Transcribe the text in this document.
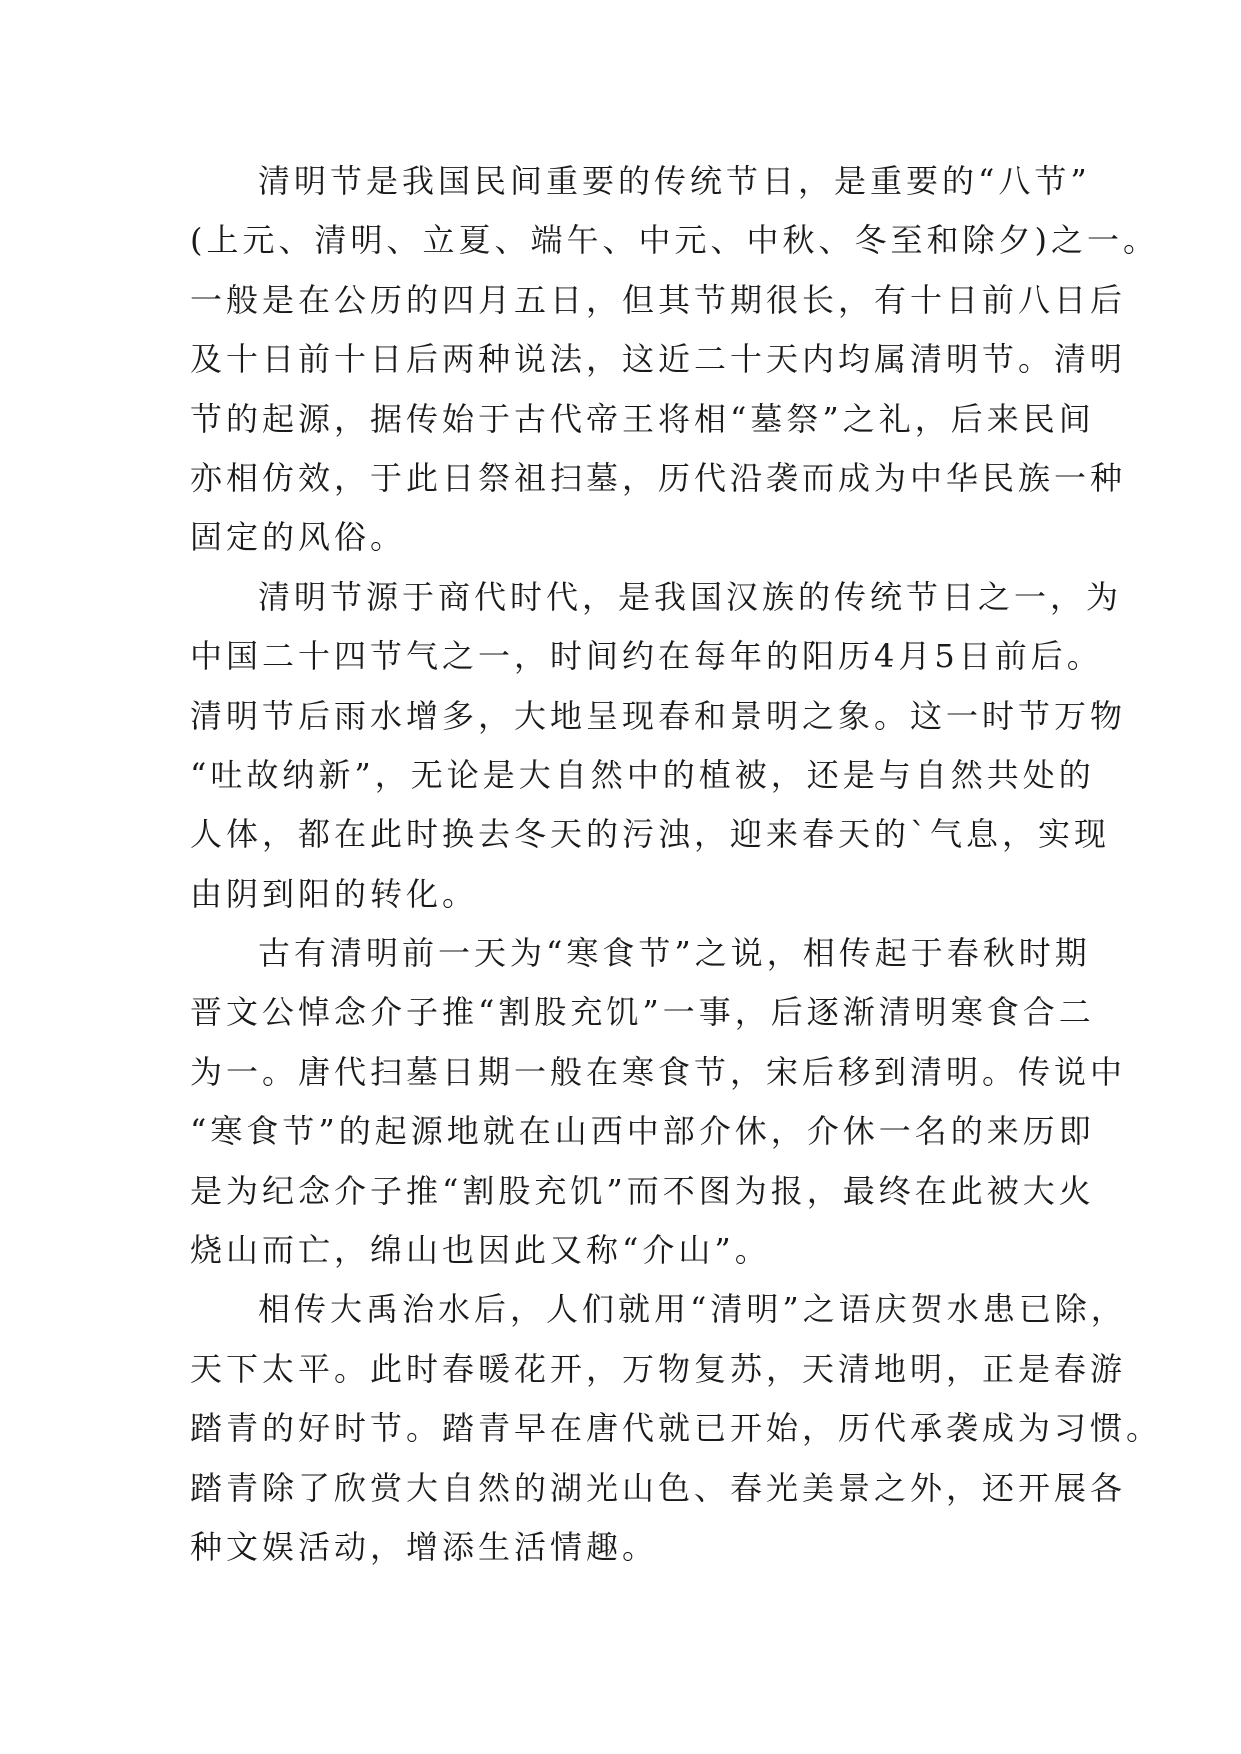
清明节是我国民间重要的传统节日，是重要的“八节”
(上元、清明、立夏、端午、中元、中秋、冬至和除夕)之一。
一般是在公历的四月五日，但其节期很长，有十日前八日后
及十日前十日后两种说法，这近二十天内均属清明节。清明
节的起源，据传始于古代帝王将相“墓祭”之礼，后来民间
亦相仿效，于此日祭祖扫墓，历代沿袭而成为中华民族一种
固定的风俗。
清明节源于商代时代，是我国汉族的传统节日之一，为
中国二十四节气之一，时间约在每年的阳历4月5日前后。
清明节后雨水增多，大地呈现春和景明之象。这一时节万物
“吐故纳新”，无论是大自然中的植被，还是与自然共处的
人体，都在此时换去冬天的污浊，迎来春天的`气息，实现
由阴到阳的转化。
古有清明前一天为“寒食节”之说，相传起于春秋时期
晋文公悼念介子推“割股充饥”一事，后逐渐清明寒食合二
为一。唐代扫墓日期一般在寒食节，宋后移到清明。传说中
“寒食节”的起源地就在山西中部介休，介休一名的来历即
是为纪念介子推“割股充饥”而不图为报，最终在此被大火
烧山而亡，绵山也因此又称“介山”。
相传大禹治水后，人们就用“清明”之语庆贺水患已除，
天下太平。此时春暖花开，万物复苏，天清地明，正是春游
踏青的好时节。踏青早在唐代就已开始，历代承袭成为习惯。
踏青除了欣赏大自然的湖光山色、春光美景之外，还开展各
种文娱活动，增添生活情趣。
